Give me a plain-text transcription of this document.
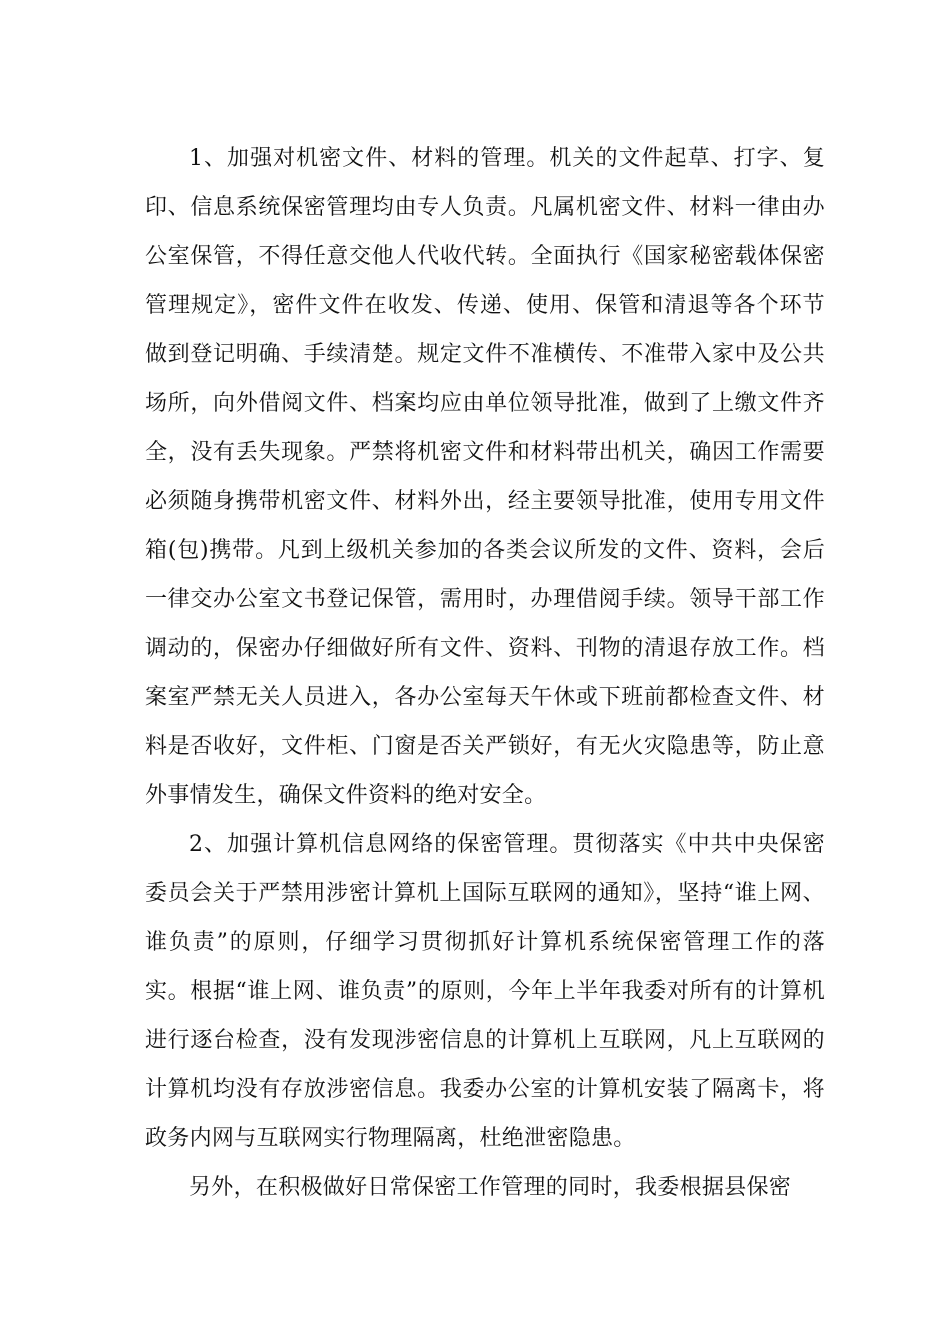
1、加强对机密文件、材料的管理。机关的文件起草、打字、复印、信息系统保密管理均由专人负责。凡属机密文件、材料一律由办公室保管，不得任意交他人代收代转。全面执行《国家秘密载体保密管理规定》，密件文件在收发、传递、使用、保管和清退等各个环节做到登记明确、手续清楚。规定文件不准横传、不准带入家中及公共场所，向外借阅文件、档案均应由单位领导批准，做到了上缴文件齐全，没有丢失现象。严禁将机密文件和材料带出机关，确因工作需要必须随身携带机密文件、材料外出，经主要领导批准，使用专用文件箱(包)携带。凡到上级机关参加的各类会议所发的文件、资料，会后一律交办公室文书登记保管，需用时，办理借阅手续。领导干部工作调动的，保密办仔细做好所有文件、资料、刊物的清退存放工作。档案室严禁无关人员进入，各办公室每天午休或下班前都检查文件、材料是否收好，文件柜、门窗是否关严锁好，有无火灾隐患等，防止意外事情发生，确保文件资料的绝对安全。

2、加强计算机信息网络的保密管理。贯彻落实《中共中央保密委员会关于严禁用涉密计算机上国际互联网的通知》，坚持“谁上网、谁负责”的原则，仔细学习贯彻抓好计算机系统保密管理工作的落实。根据“谁上网、谁负责”的原则，今年上半年我委对所有的计算机进行逐台检查，没有发现涉密信息的计算机上互联网，凡上互联网的计算机均没有存放涉密信息。我委办公室的计算机安装了隔离卡，将政务内网与互联网实行物理隔离，杜绝泄密隐患。

另外，在积极做好日常保密工作管理的同时，我委根据县保密
